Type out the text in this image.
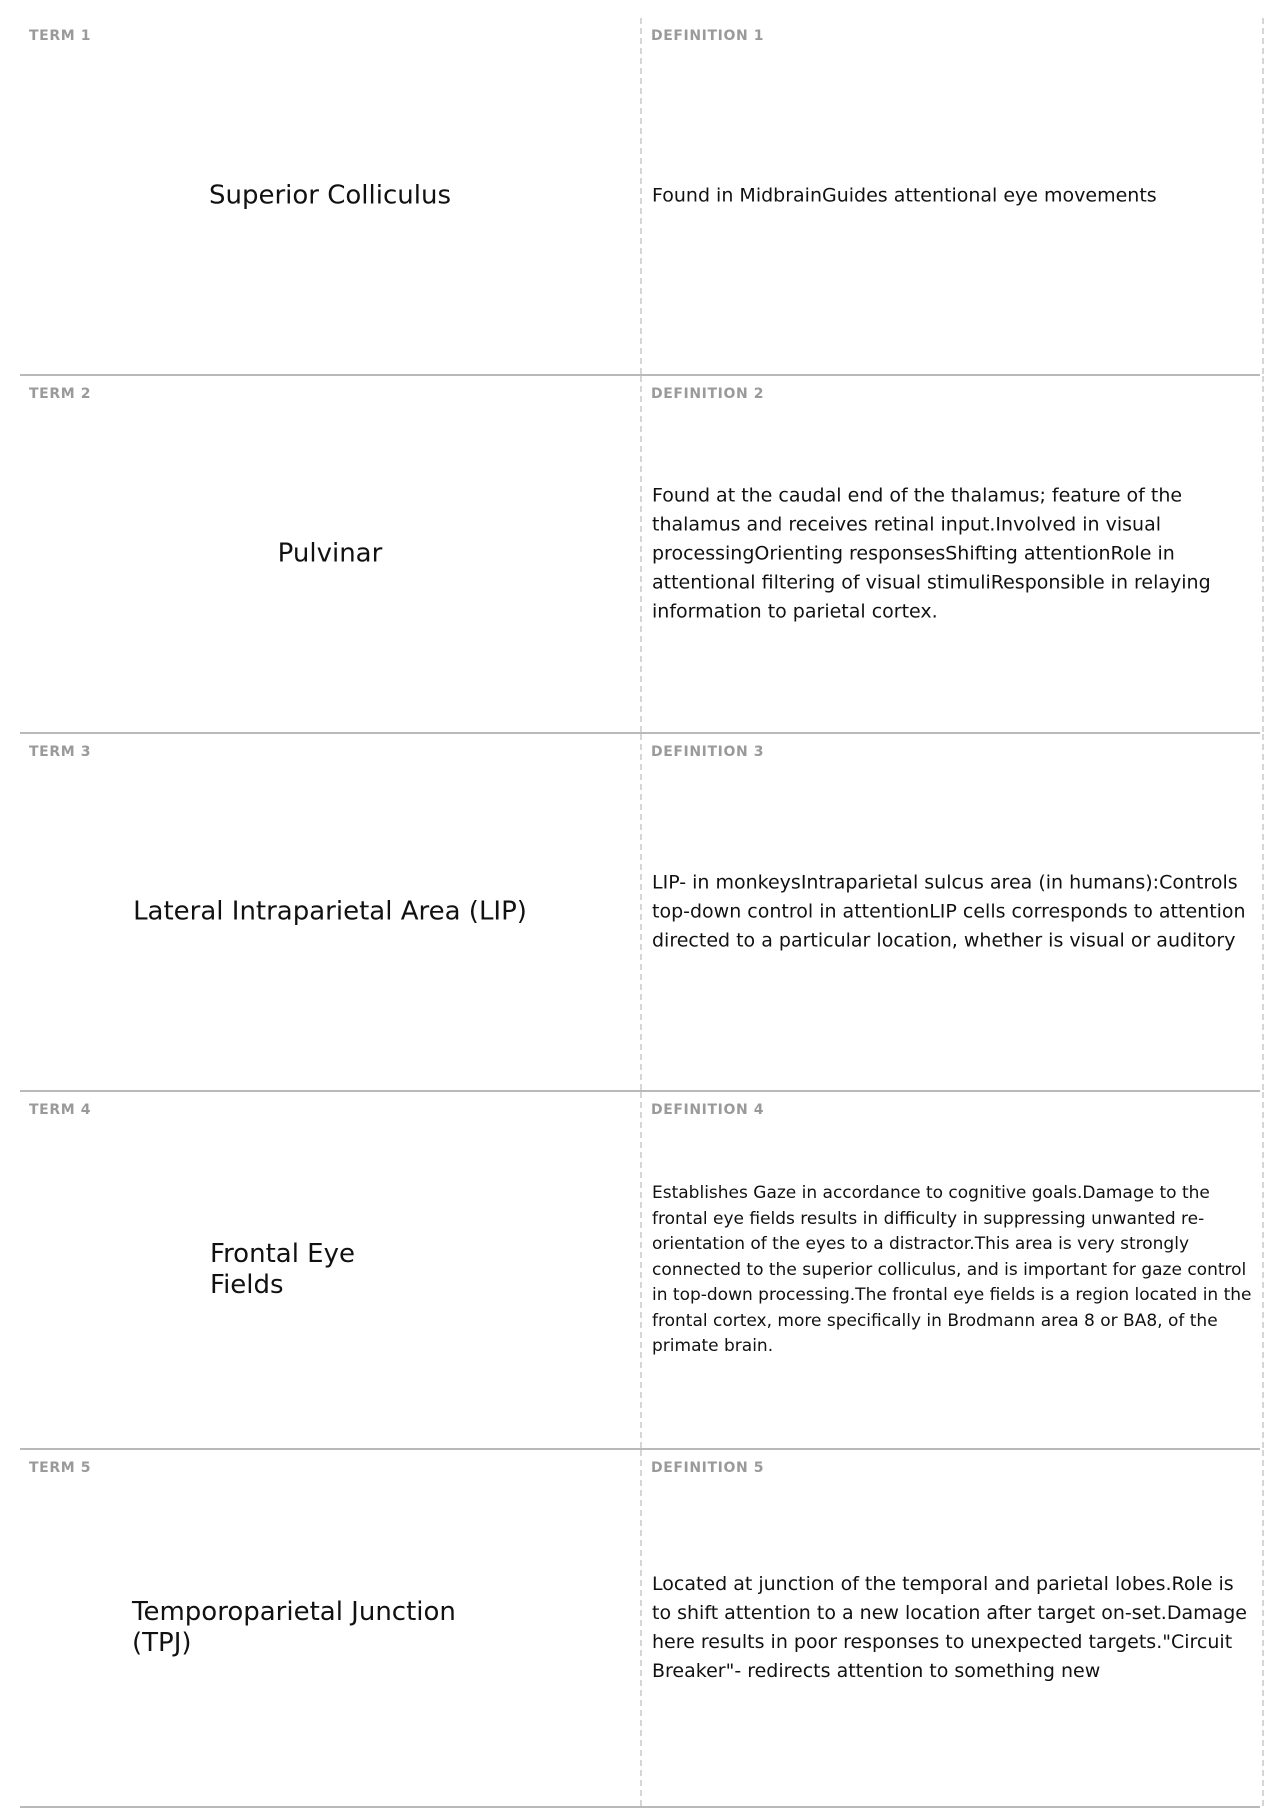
TERM 1
Superior Colliculus
DEFINITION 1
Found in MidbrainGuides attentional eye movements
TERM 2
Pulvinar
DEFINITION 2
Found at the caudal end of the thalamus; feature of the thalamus and receives retinal input.Involved in visual processingOrienting responsesShifting attentionRole in attentional filtering of visual stimuliResponsible in relaying information to parietal cortex.
TERM 3
Lateral Intraparietal Area (LIP)
DEFINITION 3
LIP- in monkeysIntraparietal sulcus area (in humans):Controls top-down control in attentionLIP cells corresponds to attention directed to a particular location, whether is visual or auditory
TERM 4
Frontal Eye Fields
DEFINITION 4
Establishes Gaze in accordance to cognitive goals.Damage to the frontal eye fields results in difficulty in suppressing unwanted re-orientation of the eyes to a distractor.This area is very strongly connected to the superior colliculus, and is important for gaze control in top-down processing.The frontal eye fields is a region located in the frontal cortex, more specifically in Brodmann area 8 or BA8, of the primate brain.
TERM 5
Temporoparietal Junction (TPJ)
DEFINITION 5
Located at junction of the temporal and parietal lobes.Role is to shift attention to a new location after target on-set.Damage here results in poor responses to unexpected targets."Circuit Breaker"- redirects attention to something new
